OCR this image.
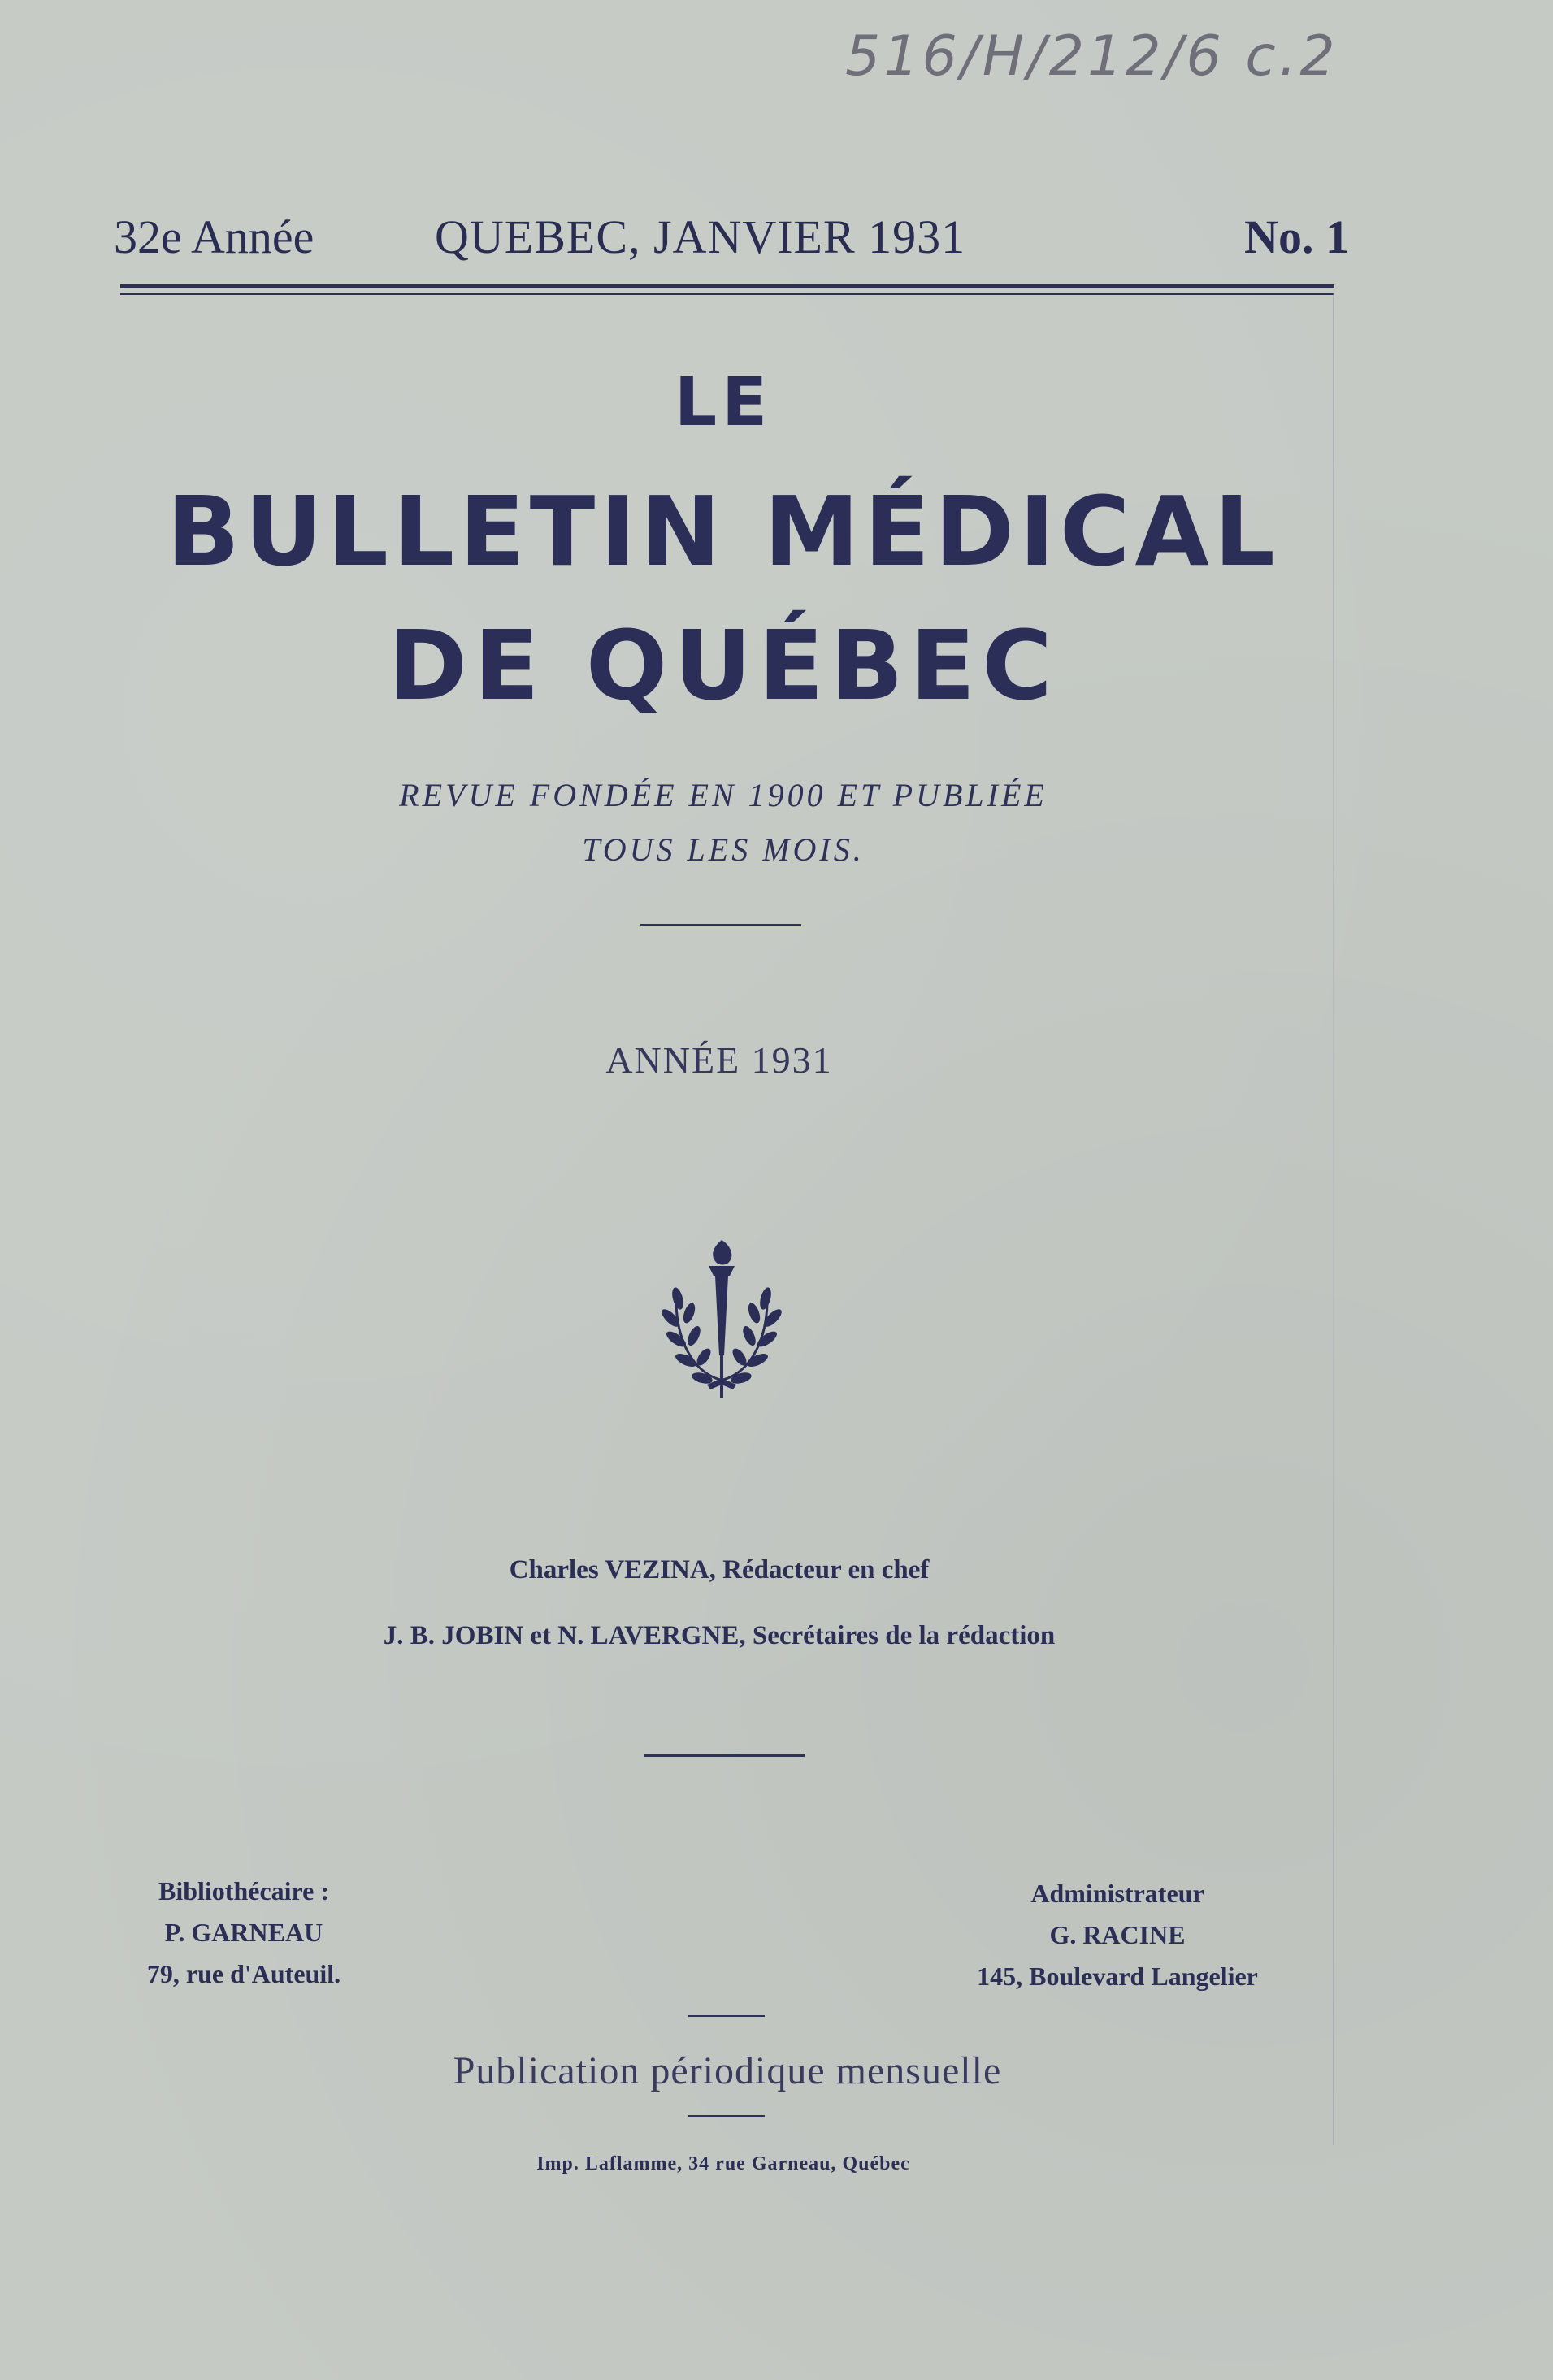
516/H/212/6 c.2
32e Année	QUEBEC, JANVIER 1931	No. 1
LE
BULLETIN MÉDICAL
DE QUÉBEC
REVUE FONDÉE EN 1900 ET PUBLIÉE
TOUS LES MOIS.
ANNÉE 1931
Charles VEZINA, Rédacteur en chef
J. B. JOBIN et N. LAVERGNE, Secrétaires de la rédaction
Bibliothécaire :
P. GARNEAU
79, rue d'Auteuil.
Administrateur
G. RACINE
145, Boulevard Langelier
Publication périodique mensuelle
Imp. Laflamme, 34 rue Garneau, Québec
